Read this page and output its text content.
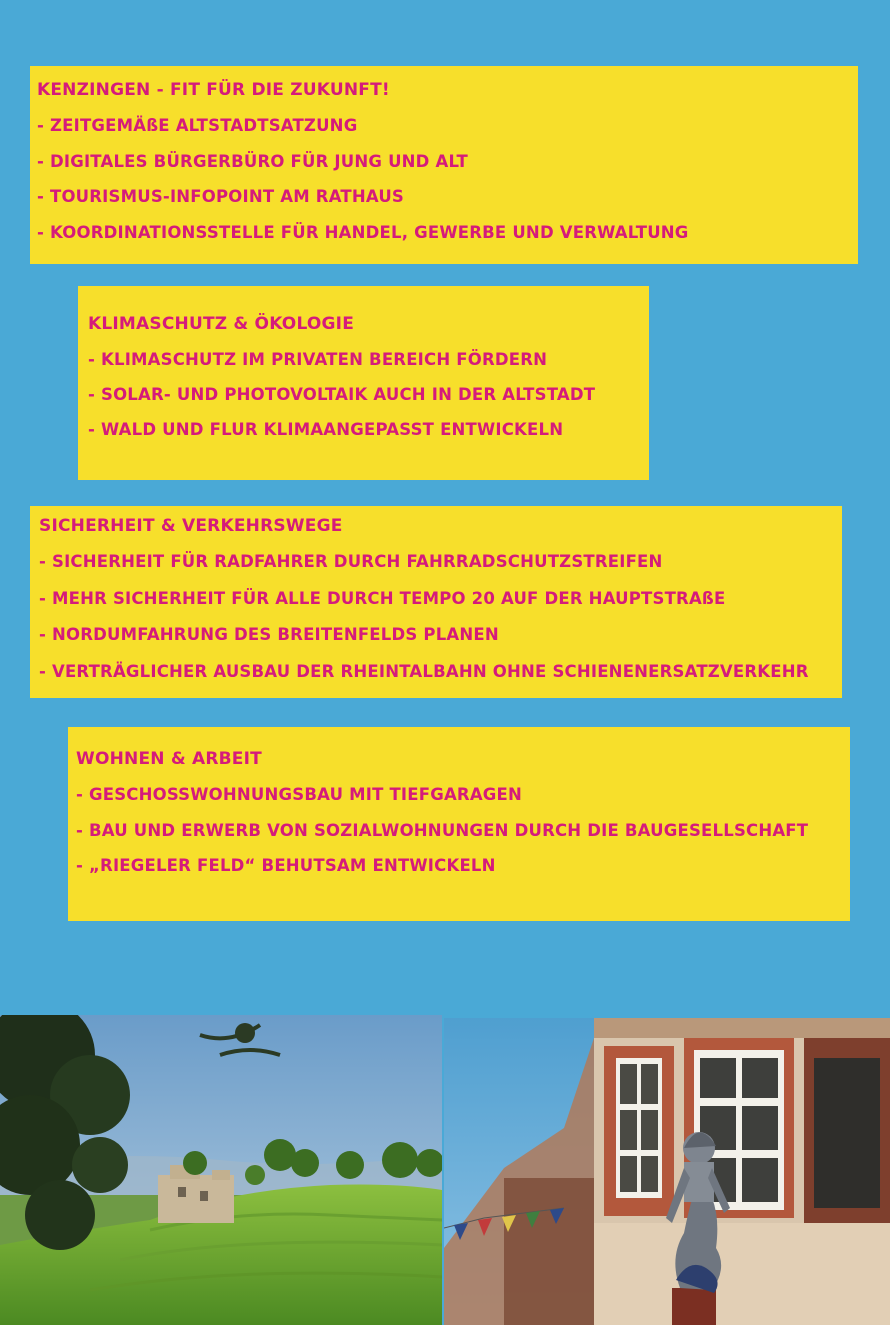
KENZINGEN - FIT FÜR DIE ZUKUNFT!
- ZEITGEMÄßE ALTSTADTSATZUNG
- DIGITALES BÜRGERBÜRO FÜR JUNG UND ALT
- TOURISMUS-INFOPOINT AM RATHAUS
- KOORDINATIONSSTELLE FÜR HANDEL, GEWERBE UND VERWALTUNG
KLIMASCHUTZ & ÖKOLOGIE
- KLIMASCHUTZ IM PRIVATEN BEREICH FÖRDERN
- SOLAR- UND PHOTOVOLTAIK AUCH IN DER ALTSTADT
- WALD UND FLUR KLIMAANGEPASST ENTWICKELN
SICHERHEIT & VERKEHRSWEGE
- SICHERHEIT FÜR RADFAHRER DURCH FAHRRADSCHUTZSTREIFEN
- MEHR SICHERHEIT FÜR ALLE DURCH TEMPO 20 AUF DER HAUPTSTRAßE
- NORDUMFAHRUNG DES BREITENFELDS PLANEN
- VERTRÄGLICHER AUSBAU DER RHEINTALBAHN OHNE SCHIENENERSATZVERKEHR
WOHNEN & ARBEIT
- GESCHOSSWOHNUNGSBAU MIT TIEFGARAGEN
- BAU UND ERWERB VON SOZIALWOHNUNGEN DURCH DIE BAUGESELLSCHAFT
- „RIEGELER FELD“ BEHUTSAM ENTWICKELN
